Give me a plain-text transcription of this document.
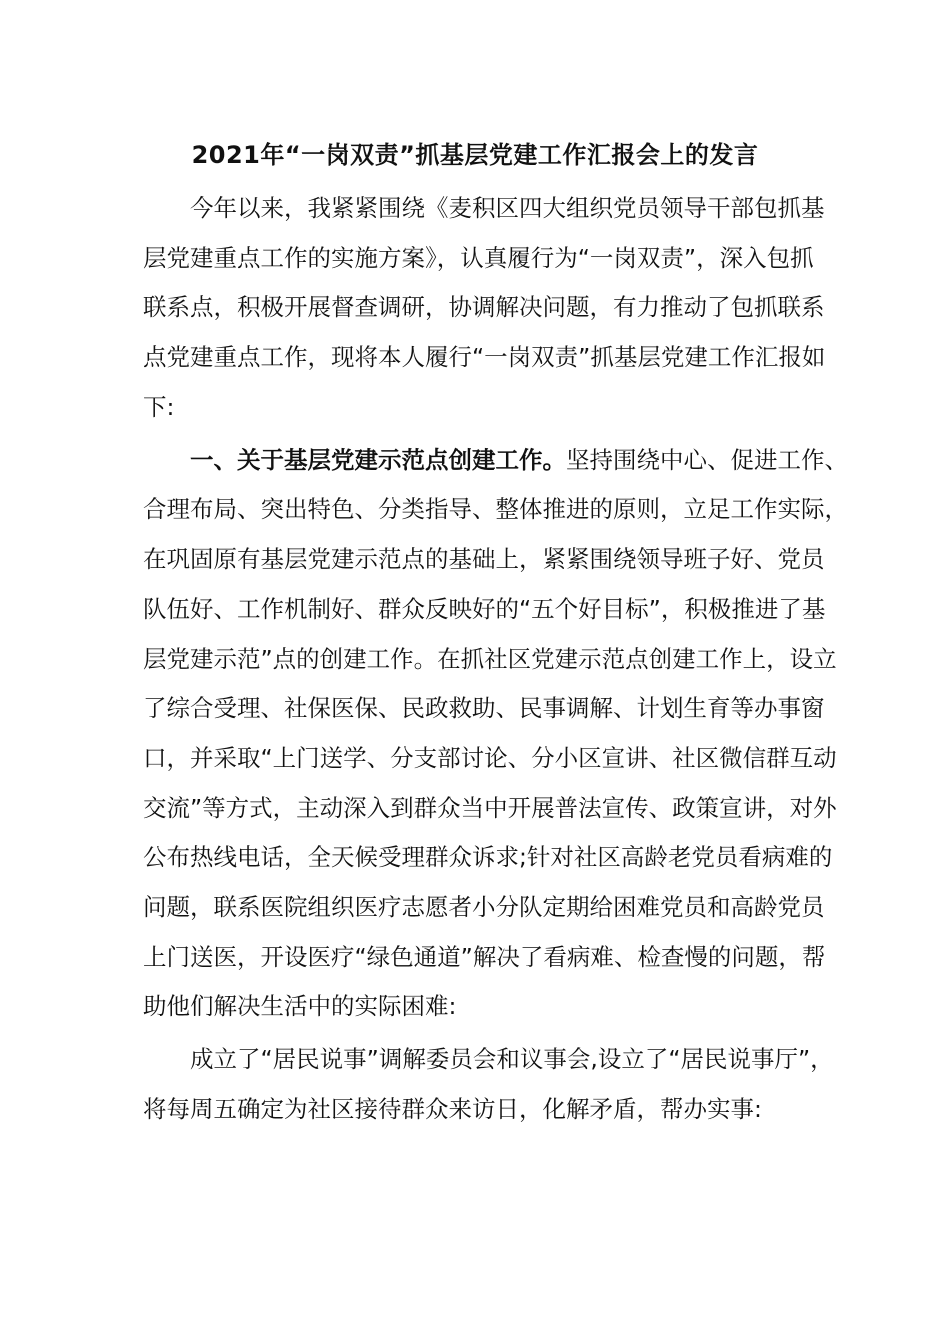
2021年“一岗双责”抓基层党建工作汇报会上的发言
今年以来，我紧紧围绕《麦积区四大组织党员领导干部包抓基
层党建重点工作的实施方案》，认真履行为“一岗双责”，深入包抓
联系点，积极开展督查调研，协调解决问题，有力推动了包抓联系
点党建重点工作，现将本人履行“一岗双责”抓基层党建工作汇报如
下:
一、关于基层党建示范点创建工作。坚持围绕中心、促进工作、
合理布局、突出特色、分类指导、整体推进的原则，立足工作实际，
在巩固原有基层党建示范点的基础上，紧紧围绕领导班子好、党员
队伍好、工作机制好、群众反映好的“五个好目标”，积极推进了基
层党建示范”点的创建工作。在抓社区党建示范点创建工作上，设立
了综合受理、社保医保、民政救助、民事调解、计划生育等办事窗
口，并采取“上门送学、分支部讨论、分小区宣讲、社区微信群互动
交流”等方式，主动深入到群众当中开展普法宣传、政策宣讲，对外
公布热线电话，全天候受理群众诉求;针对社区高龄老党员看病难的
问题，联系医院组织医疗志愿者小分队定期给困难党员和高龄党员
上门送医，开设医疗“绿色通道”解决了看病难、检查慢的问题，帮
助他们解决生活中的实际困难:
成立了“居民说事”调解委员会和议事会,设立了“居民说事厅”，
将每周五确定为社区接待群众来访日，化解矛盾，帮办实事:
